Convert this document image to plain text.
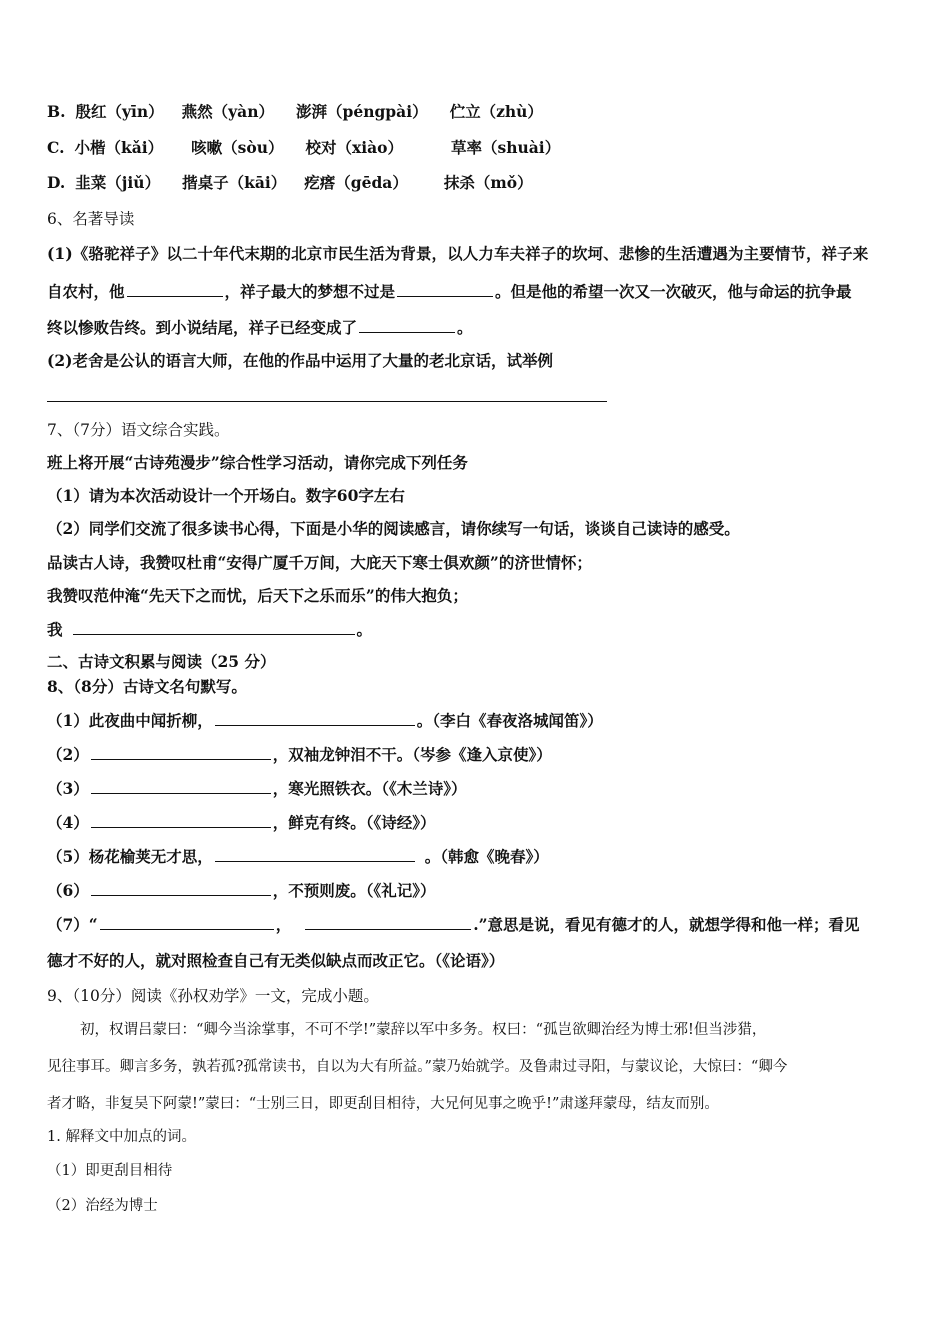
B. 殷红（yīn） 燕然（yàn） 澎湃（péngpài） 伫立（zhù）
C. 小楷（kǎi） 咳嗽（sòu） 校对（xiào）	草率（shuài）
D. 韭菜（jiǔ） 揩桌子（kāi） 疙瘩（gēda） 抹杀（mǒ）
6、名著导读
(1)《骆驼祥子》以二十年代末期的北京市民生活为背景，以人力车夫祥子的坎坷、悲惨的生活遭遇为主要情节，祥子来
自农村，他	，祥子最大的梦想不过是	。但是他的希望一次又一次破灭，他与命运的抗争最
终以惨败告终。到小说结尾，祥子已经变成了	。
(2)老舍是公认的语言大师，在他的作品中运用了大量的老北京话，试举例
7、（7分）语文综合实践。
班上将开展“古诗苑漫步”综合性学习活动，请你完成下列任务
（1）请为本次活动设计一个开场白。数字60字左右
（2）同学们交流了很多读书心得，下面是小华的阅读感言，请你续写一句话，谈谈自己读诗的感受。
品读古人诗，我赞叹杜甫“安得广厦千万间，大庇天下寒士俱欢颜”的济世情怀；
我赞叹范仲淹“先天下之而忧，后天下之乐而乐”的伟大抱负；
我	。
二、古诗文积累与阅读（25 分）
8、（8分）古诗文名句默写。
（1）此夜曲中闻折柳，	。（李白《春夜洛城闻笛》）
（2）	，双袖龙钟泪不干。（岑参《逢入京使》）
（3）	，寒光照铁衣。（《木兰诗》）
（4）	，鲜克有终。（《诗经》）
（5）杨花榆荚无才思，	。（韩愈《晚春》）
（6）	，不预则废。（《礼记》）
（7）“	，	.”意思是说，看见有德才的人，就想学得和他一样；看见
德才不好的人，就对照检查自己有无类似缺点而改正它。（《论语》）
9、（10分）阅读《孙权劝学》一文，完成小题。
初，权谓吕蒙曰：“卿今当涂掌事，不可不学!”蒙辞以军中多务。权曰：“孤岂欲卿治经为博士邪!但当涉猎，
见往事耳。卿言多务，孰若孤?孤常读书，自以为大有所益。”蒙乃始就学。及鲁肃过寻阳，与蒙议论，大惊曰：“卿今
者才略，非复吴下阿蒙!”蒙曰：“士别三日，即更刮目相待，大兄何见事之晚乎!”肃遂拜蒙母，结友而别。
1. 解释文中加点的词。
（1）即更刮目相待
（2）治经为博士
